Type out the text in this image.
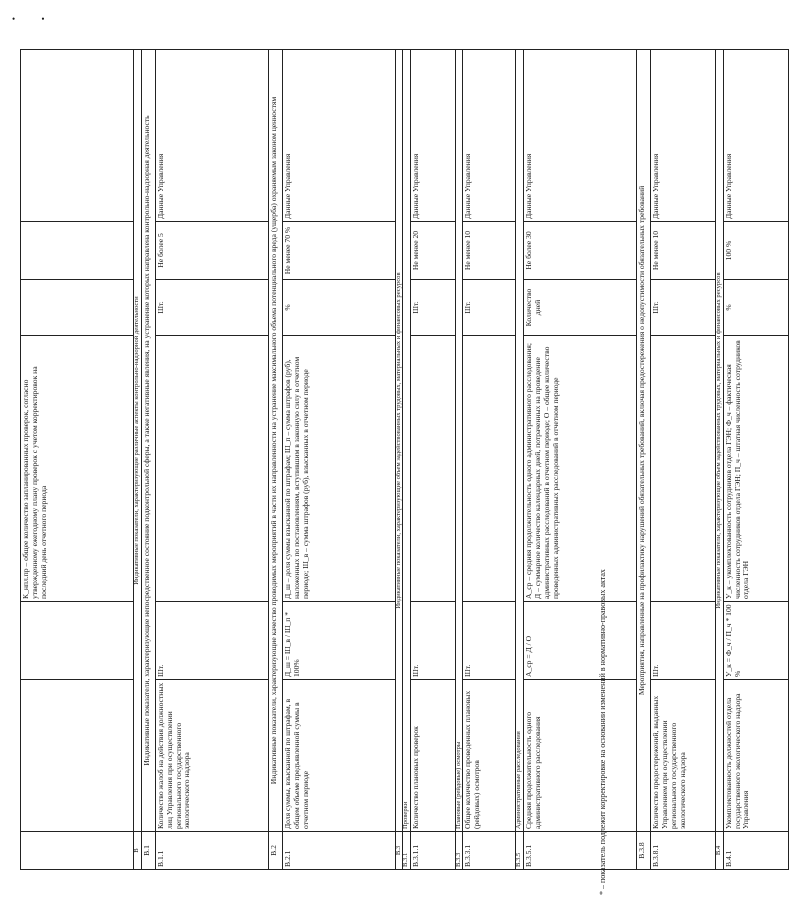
• •
			К_нпл.пр – общее количество запланированных проверок, согласно утвержденному ежегодному плану проверок с учетом корректировок на последний день отчетного периода			
В	Индикативные показатели, характеризующие различные аспекты контрольно-надзорной деятельности					
В.1	Индикативные показатели, характеризующие непосредственное состояние подконтрольной сферы, а также негативные явления, на устранение которых направлена контрольно-надзорная деятельность					
В.1.1	Количество жалоб на действия должностных лиц Управления при осуществлении регионального государственного экологического надзора	Шт.		Шт.	Не более 5	Данные Управления
В.2	Индикативные показатели, характеризующие качество проводимых мероприятий в части их направленности на устранение максимального объема потенциального вреда (ущерба) охраняемым законом ценностям					
В.2.1	Доля суммы, взысканной по штрафам, в общем объеме предъявленной суммы в отчетном периоде	Д_ш = Ш_в / Ш_п * 100%	Д_ш – доля суммы взысканной по штрафам; Ш_п – сумма штрафов (руб), наложенных по постановлениям, вступившим в законную силу в отчетном периоде; Ш_в – сумма штрафов (руб), взысканных в отчетном периоде	%	Не менее 70 %	Данные Управления
В.3	Индикативные показатели, характеризующие объем задействованных трудовых, материальных и финансовых ресурсов					
В.3.1	Проверки					
В.3.1.1	Количество плановых проверок	Шт.		Шт.	Не менее 20	Данные Управления
В.3.3	Плановые (рейдовые) осмотры					
В.3.3.1	Общее количество проведенных плановых (рейдовых) осмотров	Шт.		Шт.	Не менее 10	Данные Управления
В.3.5	Административные расследования					
В.3.5.1	Средняя продолжительность одного административного расследования	А_ср = Д / О	А_ср – средняя продолжительность одного административного расследования; Д – суммарное количество календарных дней, потраченных на проведение административных расследований в отчетном периоде; О – общее количество проведенных административных расследований в отчетном периоде	Количество дней	Не более 30	Данные Управления
В.3.8	Мероприятия, направленные на профилактику нарушений обязательных требований, включая предостережения о недопустимости обязательных требований					
В.3.8.1	Количество предостережений, выданных Управлением при осуществлении регионального государственного экологического надзора	Шт.		Шт.	Не менее 10	Данные Управления
В.4	Индикативные показатели, характеризующие объем задействованных трудовых, материальных и финансовых ресурсов					
В.4.1	Укомплектованность должностей отдела государственного экологического надзора Управления	У_к = Ф_ч / П_ч * 100 %	У_к – укомплектованность сотрудников отдела ГЭН; Ф_ч – фактическая численность сотрудников отдела ГЭН; П_ч – штатная численность сотрудников отдела ГЭН	%	100 %	Данные Управления
* – показатель подлежит корректировке на основании изменений в нормативно-правовых актах
